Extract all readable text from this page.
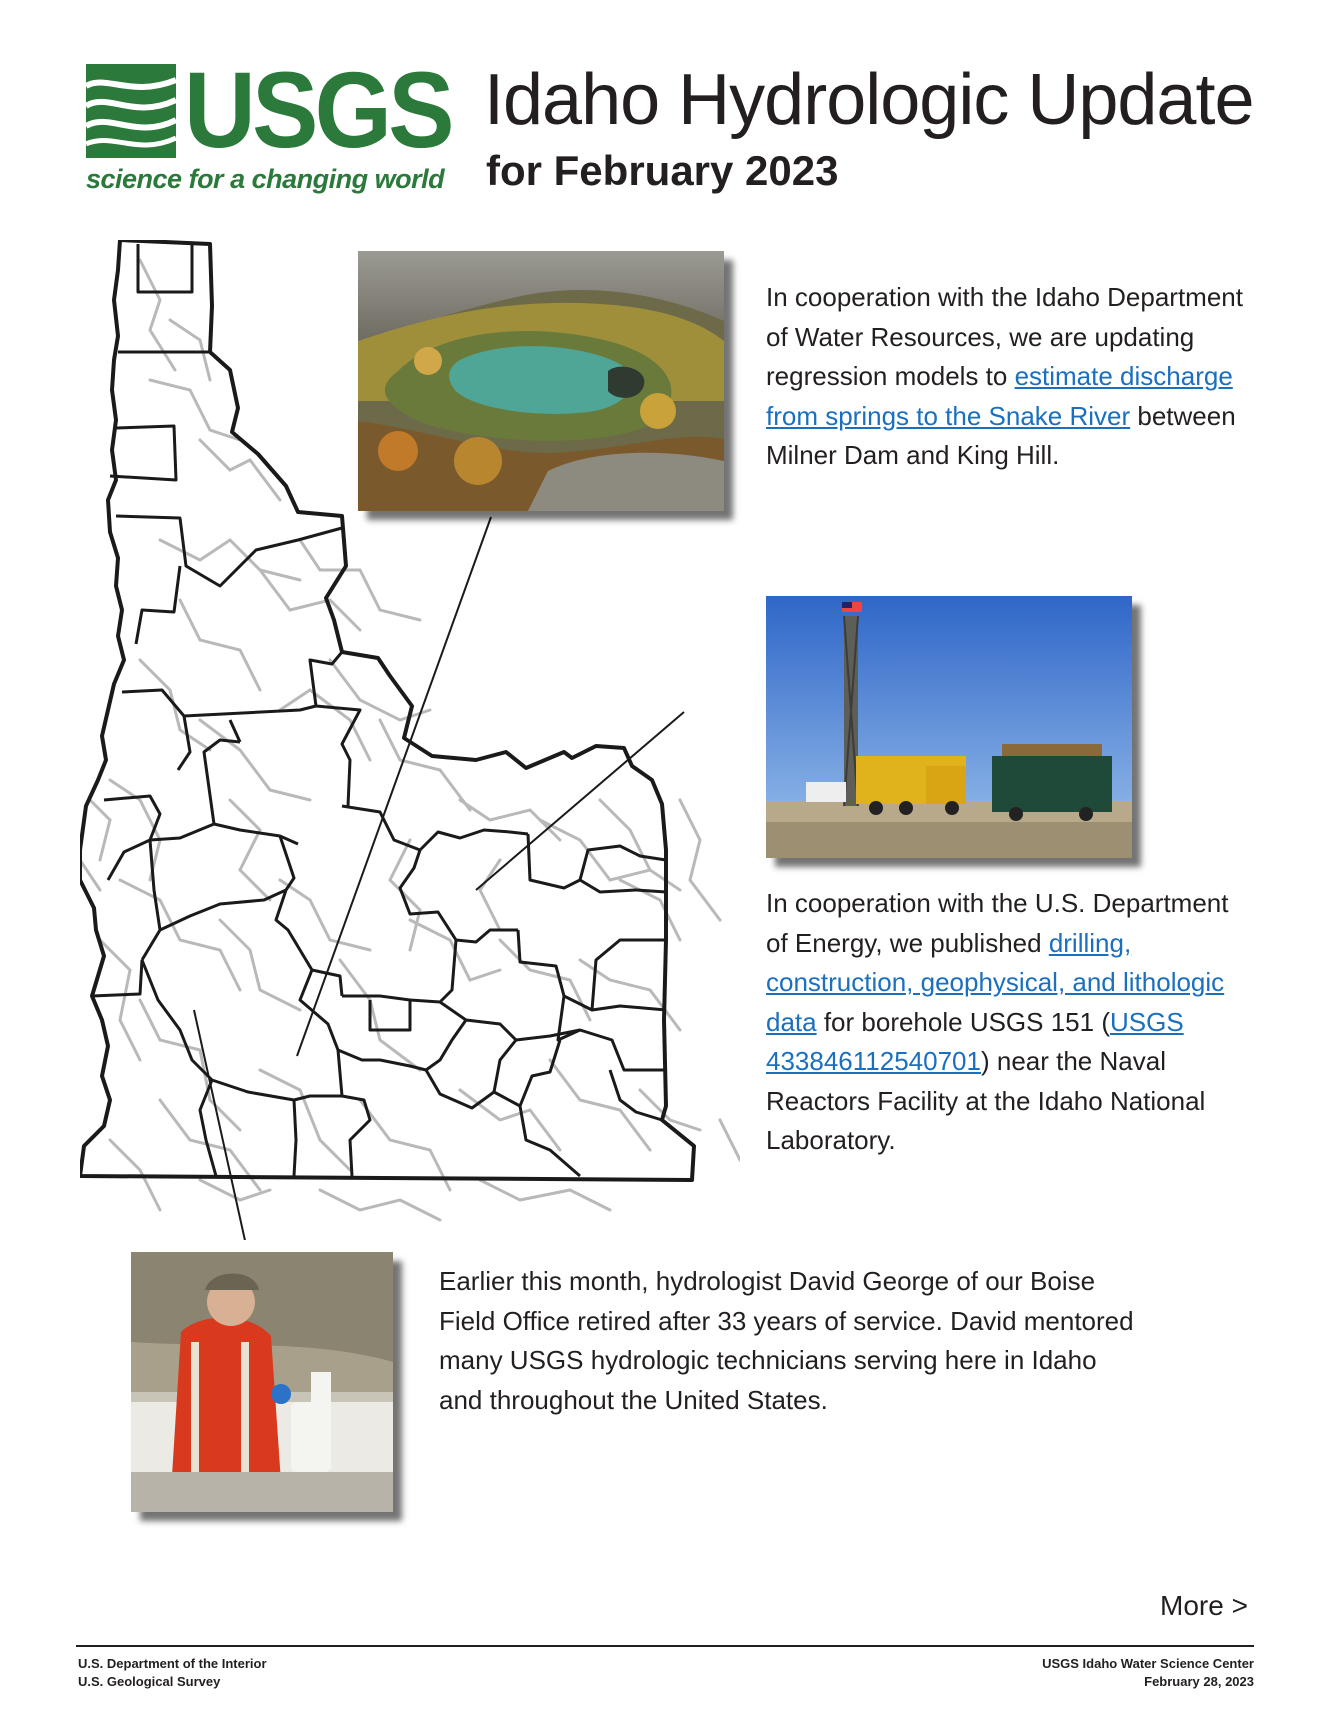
USGS
science for a changing world
Idaho Hydrologic Update
for February 2023

In cooperation with the Idaho Department of Water Resources, we are updating regression models to estimate discharge from springs to the Snake River between Milner Dam and King Hill.

In cooperation with the U.S. Department of Energy, we published drilling, construction, geophysical, and lithologic data for borehole USGS 151 (USGS 433846112540701) near the Naval Reactors Facility at the Idaho National Laboratory.

Earlier this month, hydrologist David George of our Boise Field Office retired after 33 years of service. David mentored many USGS hydrologic technicians serving here in Idaho and throughout the United States.

More >
U.S. Department of the Interior
U.S. Geological Survey
USGS Idaho Water Science Center
February 28, 2023
